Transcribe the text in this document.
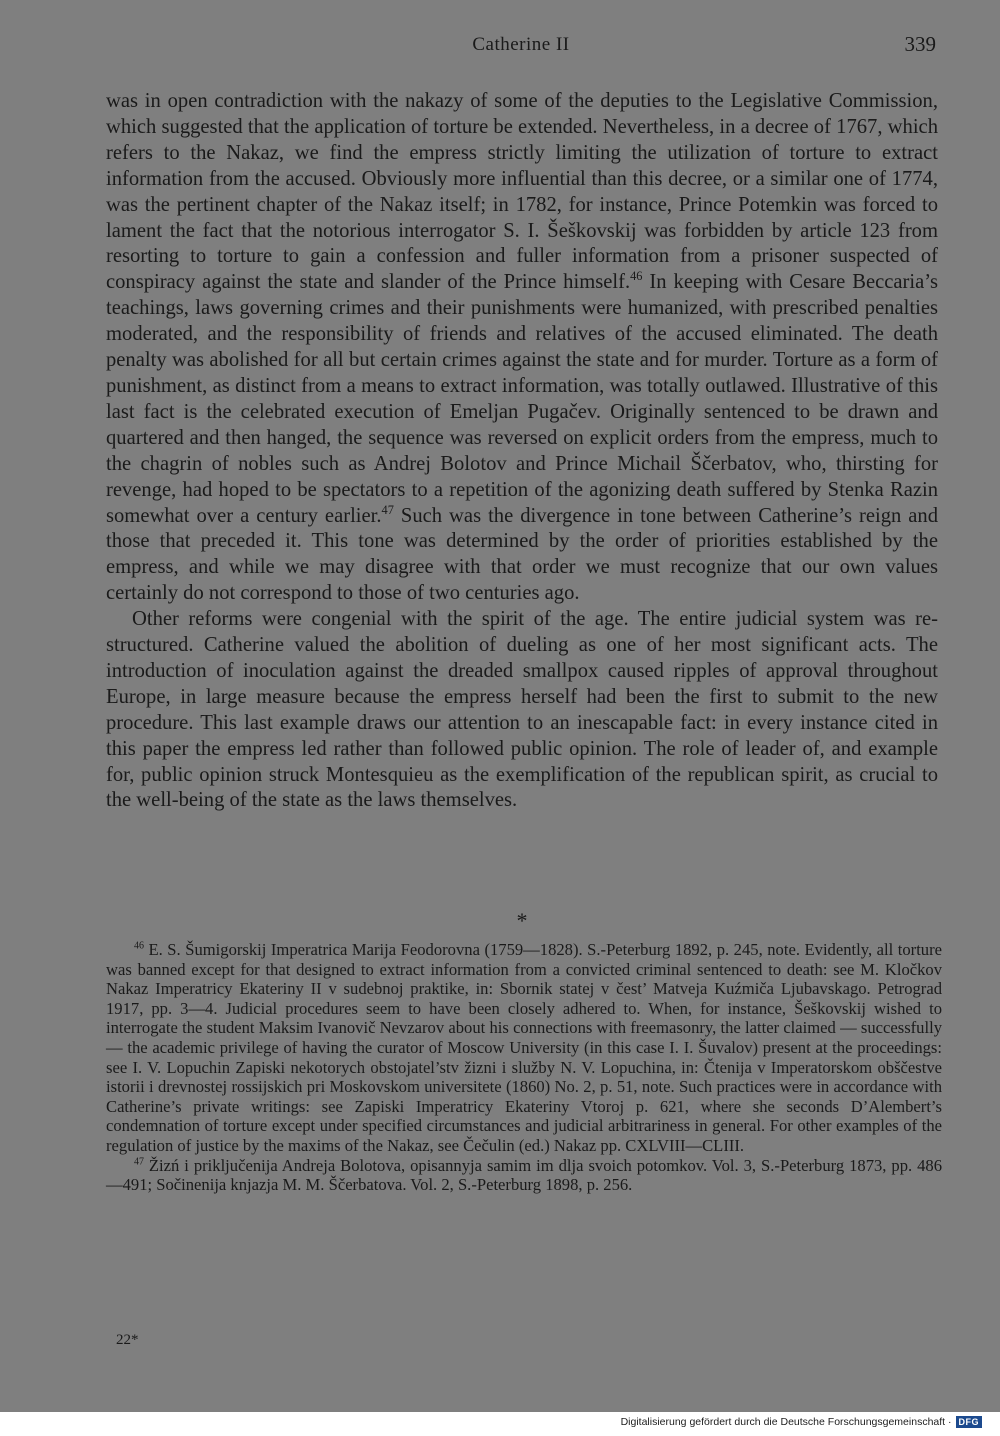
Catherine II	339

was in open contradiction with the nakazy of some of the deputies to the Legislative Commission, which suggested that the application of torture be extended. Nevertheless, in a decree of 1767, which refers to the Nakaz, we find the empress strictly limiting the utilization of torture to extract information from the accused. Obviously more influential than this decree, or a similar one of 1774, was the pertinent chapter of the Nakaz itself; in 1782, for instance, Prince Potemkin was forced to lament the fact that the notorious interrogator S. I. Šeškovskij was forbidden by article 123 from resorting to torture to gain a confession and fuller information from a prisoner suspected of conspiracy against the state and slander of the Prince himself.$^{46}$ In keeping with Cesare Beccaria’s teachings, laws governing crimes and their punishments were humanized, with prescribed penalties moderated, and the responsibility of friends and relatives of the accused eliminated. The death penalty was abolished for all but certain crimes against the state and for murder. Torture as a form of punishment, as distinct from a means to extract information, was totally outlawed. Illustrative of this last fact is the celebrated execution of Emeljan Pugačev. Originally sentenced to be drawn and quartered and then hanged, the sequence was reversed on explicit orders from the empress, much to the chagrin of nobles such as Andrej Bolotov and Prince Michail Ščerbatov, who, thirsting for revenge, had hoped to be spectators to a repetition of the agonizing death suffered by Stenka Razin somewhat over a century earlier.$^{47}$ Such was the divergence in tone between Catherine’s reign and those that preceded it. This tone was determined by the order of priorities established by the empress, and while we may disagree with that order we must recognize that our own values certainly do not correspond to those of two centuries ago.

Other reforms were congenial with the spirit of the age. The entire judicial system was re-structured. Catherine valued the abolition of dueling as one of her most significant acts. The introduction of inoculation against the dreaded smallpox caused ripples of approval throughout Europe, in large measure because the empress herself had been the first to submit to the new procedure. This last example draws our attention to an inescapable fact: in every instance cited in this paper the empress led rather than followed public opinion. The role of leader of, and example for, public opinion struck Montesquieu as the exemplification of the republican spirit, as crucial to the well-being of the state as the laws themselves.

*

$^{46}$ E. S. Šumigorskij Imperatrica Marija Feodorovna (1759—1828). S.-Peterburg 1892, p. 245, note. Evidently, all torture was banned except for that designed to extract information from a convicted criminal sentenced to death: see M. Kločkov Nakaz Imperatricy Ekateriny II v sudebnoj praktike, in: Sbornik statej v čest’ Matveja Kuźmiča Ljubavskago. Petrograd 1917, pp. 3—4. Judicial procedures seem to have been closely adhered to. When, for instance, Šeškovskij wished to interrogate the student Maksim Ivanovič Nevzarov about his connections with freemasonry, the latter claimed — successfully — the academic privilege of having the curator of Moscow University (in this case I. I. Šuvalov) present at the proceedings: see I. V. Lopuchin Zapiski nekotorych obstojatel’stv žizni i služby N. V. Lopuchina, in: Čtenija v Imperatorskom obščestve istorii i drevnostej rossijskich pri Moskovskom universitete (1860) No. 2, p. 51, note. Such practices were in accordance with Catherine’s private writings: see Zapiski Imperatricy Ekateriny Vtoroj p. 621, where she seconds D’Alembert’s condemnation of torture except under specified circumstances and judicial arbitrariness in general. For other examples of the regulation of justice by the maxims of the Nakaz, see Čečulin (ed.) Nakaz pp. CXLVIII—CLIII.

$^{47}$ Žizń i priključenija Andreja Bolotova, opisannyja samim im dlja svoich potomkov. Vol. 3, S.-Peterburg 1873, pp. 486—491; Sočinenija knjazja M. M. Ščerbatova. Vol. 2, S.-Peterburg 1898, p. 256.

22*
Digitalisierung gefördert durch die Deutsche Forschungsgemeinschaft · DFG
